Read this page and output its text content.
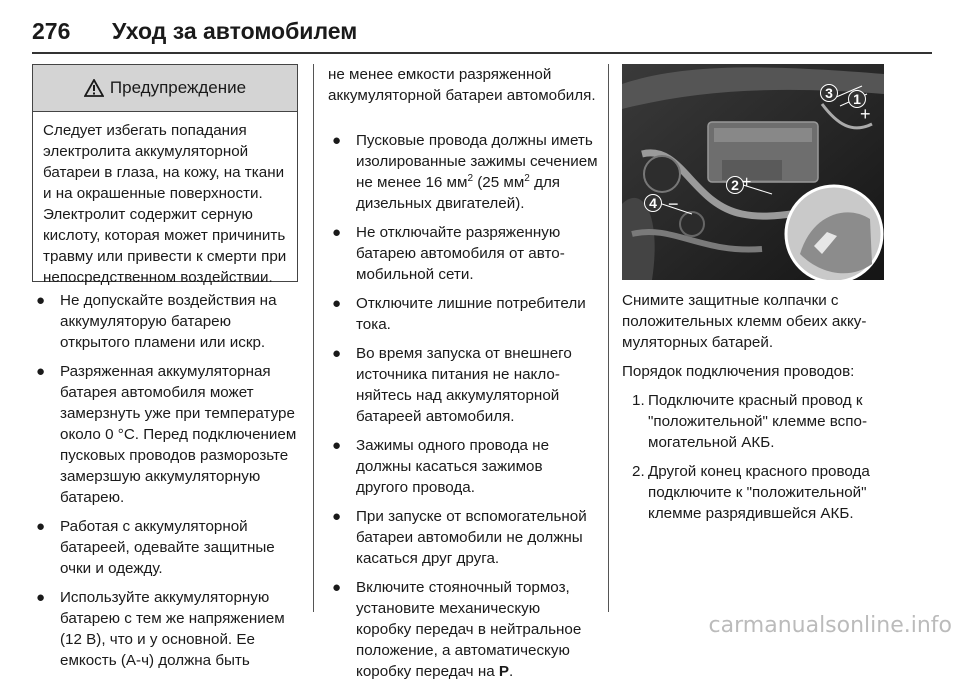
276 Уход за автомобилем
Предупреждение
Следует избегать попадания электролита аккумуляторной батареи в глаза, на кожу, на ткани и на окрашенные поверхности. Электролит содержит серную кислоту, которая может причинить травму или привести к смерти при непосредственном воздействии.
● Не допускайте воздействия на аккумуляторую батарею открытого пламени или искр.
● Разряженная аккумуляторная батарея автомобиля может замерзнуть уже при температуре около 0 °C. Перед подключением пусковых проводов разморозьте замерзшую аккумуляторную батарею.
● Работая с аккумуляторной батареей, одевайте защитные очки и одежду.
● Используйте аккумуляторную батарею с тем же напряжением (12 В), что и у основной. Ее емкость (А-ч) должна быть
не менее емкости разряженной аккумуляторной батареи автомобиля.
● Пусковые провода должны иметь изолированные зажимы сечением не менее 16 $мм^2$ (25 $мм^2$ для дизельных двигателей).
● Не отключайте разряженную батарею автомобиля от автомобильной сети.
● Отключите лишние потребители тока.
● Во время запуска от внешнего источника питания не наклоняйтесь над аккумуляторной батареей автомобиля.
● Зажимы одного провода не должны касаться зажимов другого провода.
● При запуске от вспомогательной батареи автомобили не должны касаться друг друга.
● Включите стояночный тормоз, установите механическую коробку передач в нейтральное положение, а автоматическую коробку передач на P.
1
3
2
4
+
+
−

Снимите защитные колпачки с положительных клемм обеих аккумуляторных батарей.

Порядок подключения проводов:

1. Подключите красный провод к "положительной" клемме вспомогательной АКБ.
2. Другой конец красного провода подключите к "положительной" клемме разрядившейся АКБ.
carmanualsonline.info
